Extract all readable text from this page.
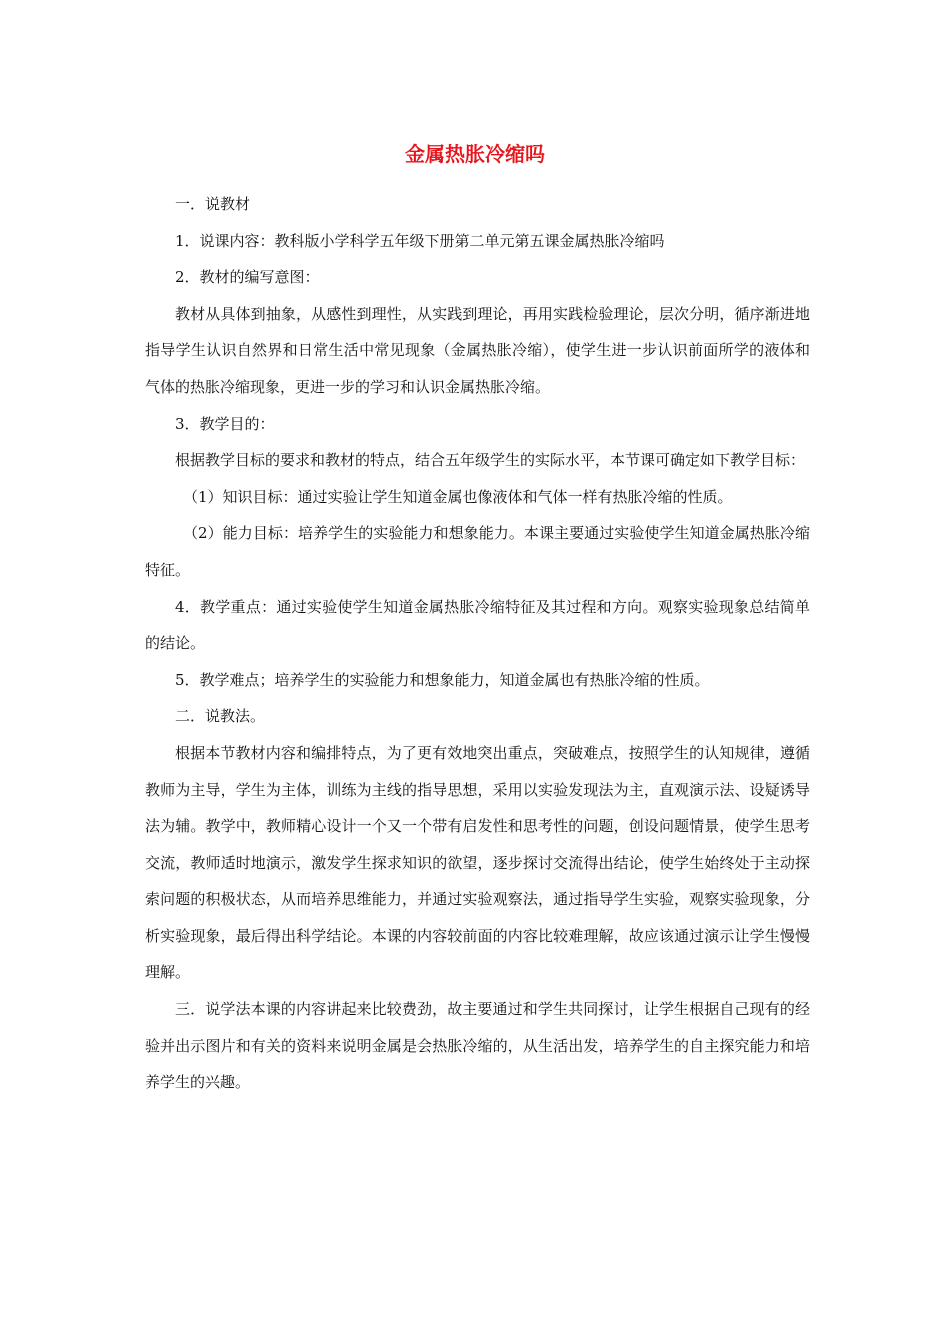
金属热胀冷缩吗

一．说教材

1．说课内容：教科版小学科学五年级下册第二单元第五课金属热胀冷缩吗

2．教材的编写意图：

教材从具体到抽象，从感性到理性，从实践到理论，再用实践检验理论，层次分明，循序渐进地指导学生认识自然界和日常生活中常见现象（金属热胀冷缩），使学生进一步认识前面所学的液体和气体的热胀冷缩现象，更进一步的学习和认识金属热胀冷缩。

3．教学目的：

根据教学目标的要求和教材的特点，结合五年级学生的实际水平，本节课可确定如下教学目标：

（1）知识目标：通过实验让学生知道金属也像液体和气体一样有热胀冷缩的性质。

（2）能力目标：培养学生的实验能力和想象能力。本课主要通过实验使学生知道金属热胀冷缩特征。

4．教学重点：通过实验使学生知道金属热胀冷缩特征及其过程和方向。观察实验现象总结简单的结论。

5．教学难点；培养学生的实验能力和想象能力，知道金属也有热胀冷缩的性质。

二．说教法。

根据本节教材内容和编排特点，为了更有效地突出重点，突破难点，按照学生的认知规律，遵循教师为主导，学生为主体，训练为主线的指导思想，采用以实验发现法为主，直观演示法、设疑诱导法为辅。教学中，教师精心设计一个又一个带有启发性和思考性的问题，创设问题情景，使学生思考交流，教师适时地演示，激发学生探求知识的欲望，逐步探讨交流得出结论，使学生始终处于主动探索问题的积极状态，从而培养思维能力，并通过实验观察法，通过指导学生实验，观察实验现象，分析实验现象，最后得出科学结论。本课的内容较前面的内容比较难理解，故应该通过演示让学生慢慢理解。

三．说学法本课的内容讲起来比较费劲，故主要通过和学生共同探讨，让学生根据自己现有的经验并出示图片和有关的资料来说明金属是会热胀冷缩的，从生活出发，培养学生的自主探究能力和培养学生的兴趣。
